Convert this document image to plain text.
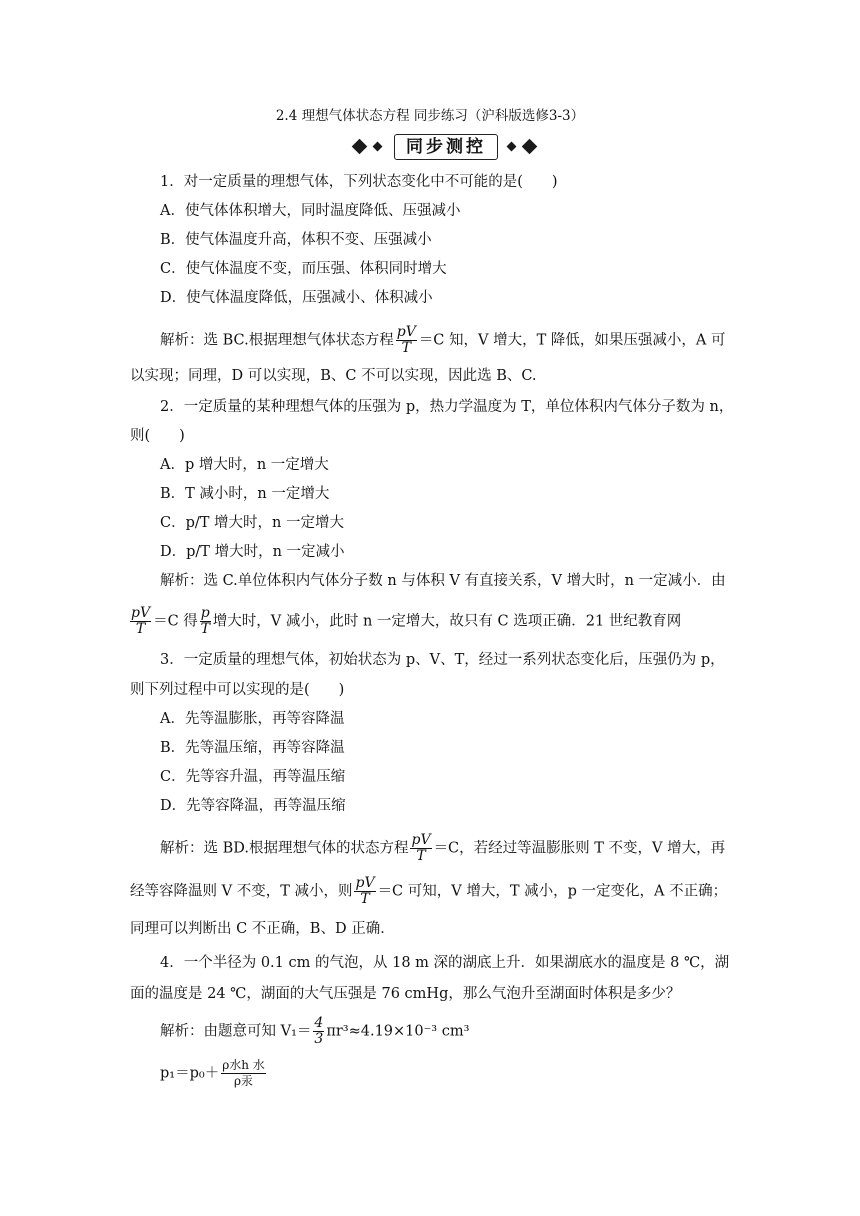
2.4 理想气体状态方程 同步练习（沪科版选修3-3）
同步测控
1．对一定质量的理想气体，下列状态变化中不可能的是(　　)
A．使气体体积增大，同时温度降低、压强减小
B．使气体温度升高，体积不变、压强减小
C．使气体温度不变，而压强、体积同时增大
D．使气体温度降低，压强减小、体积减小
解析：选 BC.根据理想气体状态方程 $\frac{pV}{T} =C$ 知，V 增大，T 降低，如果压强减小，A 可
以实现；同理，D 可以实现，B、C 不可以实现，因此选 B、C.
2．一定质量的某种理想气体的压强为 p，热力学温度为 T，单位体积内气体分子数为 n，
则(　　)
A．p 增大时，n 一定增大
B．T 减小时，n 一定增大
C．p/T 增大时，n 一定增大
D．p/T 增大时，n 一定减小
解析：选 C.单位体积内气体分子数 n 与体积 V 有直接关系，V 增大时，n 一定减小．由
$\frac{pV}{T} =C$ 得 $\frac{p}{T}$ 增大时，V 减小，此时 n 一定增大，故只有 C 选项正确．21 世纪教育网
3．一定质量的理想气体，初始状态为 p、V、T，经过一系列状态变化后，压强仍为 p，
则下列过程中可以实现的是(　　)
A．先等温膨胀，再等容降温
B．先等温压缩，再等容降温
C．先等容升温，再等温压缩
D．先等容降温，再等温压缩
解析：选 BD.根据理想气体的状态方程 $\frac{pV}{T} =C$，若经过等温膨胀则 T 不变，V 增大，再
经等容降温则 V 不变，T 减小，则 $\frac{pV}{T} =C$ 可知，V 增大，T 减小，p 一定变化，A 不正确；
同理可以判断出 C 不正确，B、D 正确．
4．一个半径为 0.1 cm 的气泡，从 18 m 深的湖底上升．如果湖底水的温度是 8 ℃，湖
面的温度是 24 ℃，湖面的大气压强是 76 cmHg，那么气泡升至湖面时体积是多少？
解析：由题意可知 $V_1= \frac{4}{3} \pi r^3\approx 4.19\times 10^{-3}$ cm³
$p_1=p_0+ \frac{\text{ρ水h 水}}{\text{ρ汞}}$
